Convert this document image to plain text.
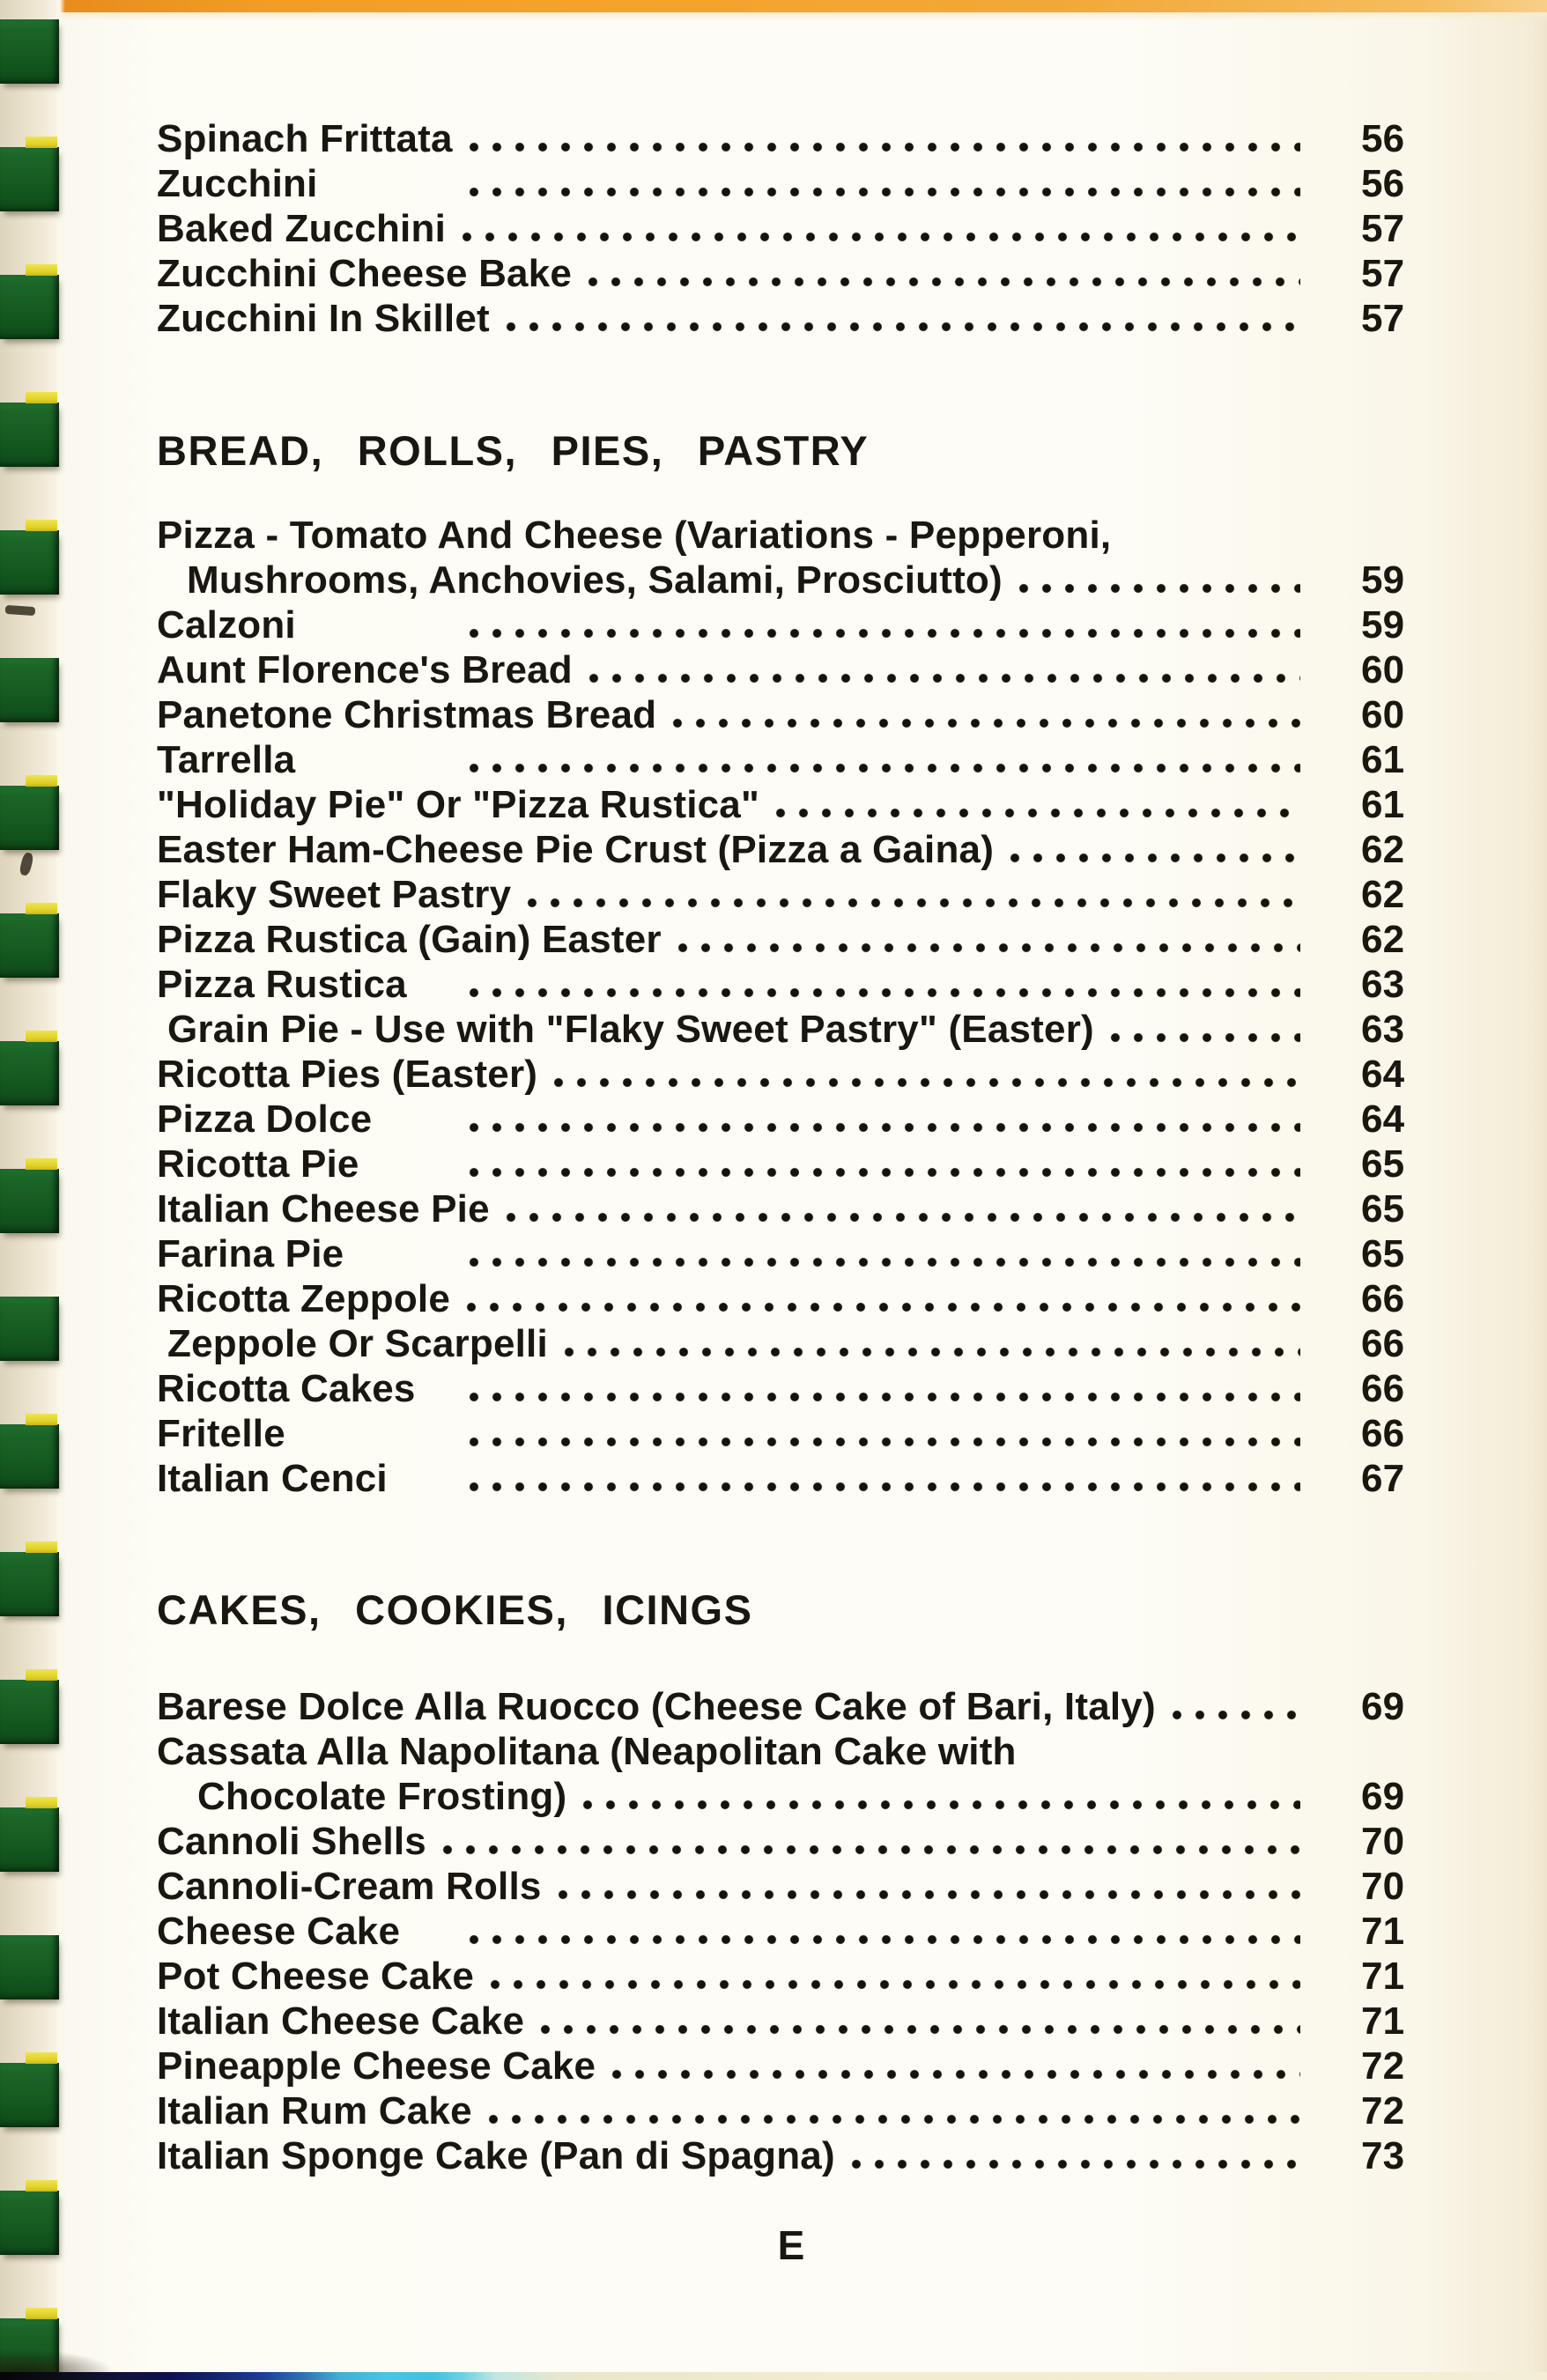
Spinach Frittata	56
Zucchini	56
Baked Zucchini	57
Zucchini Cheese Bake	57
Zucchini In Skillet	57
BREAD, ROLLS, PIES, PASTRY
Pizza - Tomato And Cheese (Variations - Pepperoni,
Mushrooms, Anchovies, Salami, Prosciutto)	59
Calzoni	59
Aunt Florence's Bread	60
Panetone Christmas Bread	60
Tarrella	61
"Holiday Pie" Or "Pizza Rustica"	61
Easter Ham-Cheese Pie Crust (Pizza a Gaina)	62
Flaky Sweet Pastry	62
Pizza Rustica (Gain) Easter	62
Pizza Rustica	63
Grain Pie - Use with "Flaky Sweet Pastry" (Easter)	63
Ricotta Pies (Easter)	64
Pizza Dolce	64
Ricotta Pie	65
Italian Cheese Pie	65
Farina Pie	65
Ricotta Zeppole	66
Zeppole Or Scarpelli	66
Ricotta Cakes	66
Fritelle	66
Italian Cenci	67
CAKES, COOKIES, ICINGS
Barese Dolce Alla Ruocco (Cheese Cake of Bari, Italy)	69
Cassata Alla Napolitana (Neapolitan Cake with
Chocolate Frosting)	69
Cannoli Shells	70
Cannoli-Cream Rolls	70
Cheese Cake	71
Pot Cheese Cake	71
Italian Cheese Cake	71
Pineapple Cheese Cake	72
Italian Rum Cake	72
Italian Sponge Cake (Pan di Spagna)	73
E
